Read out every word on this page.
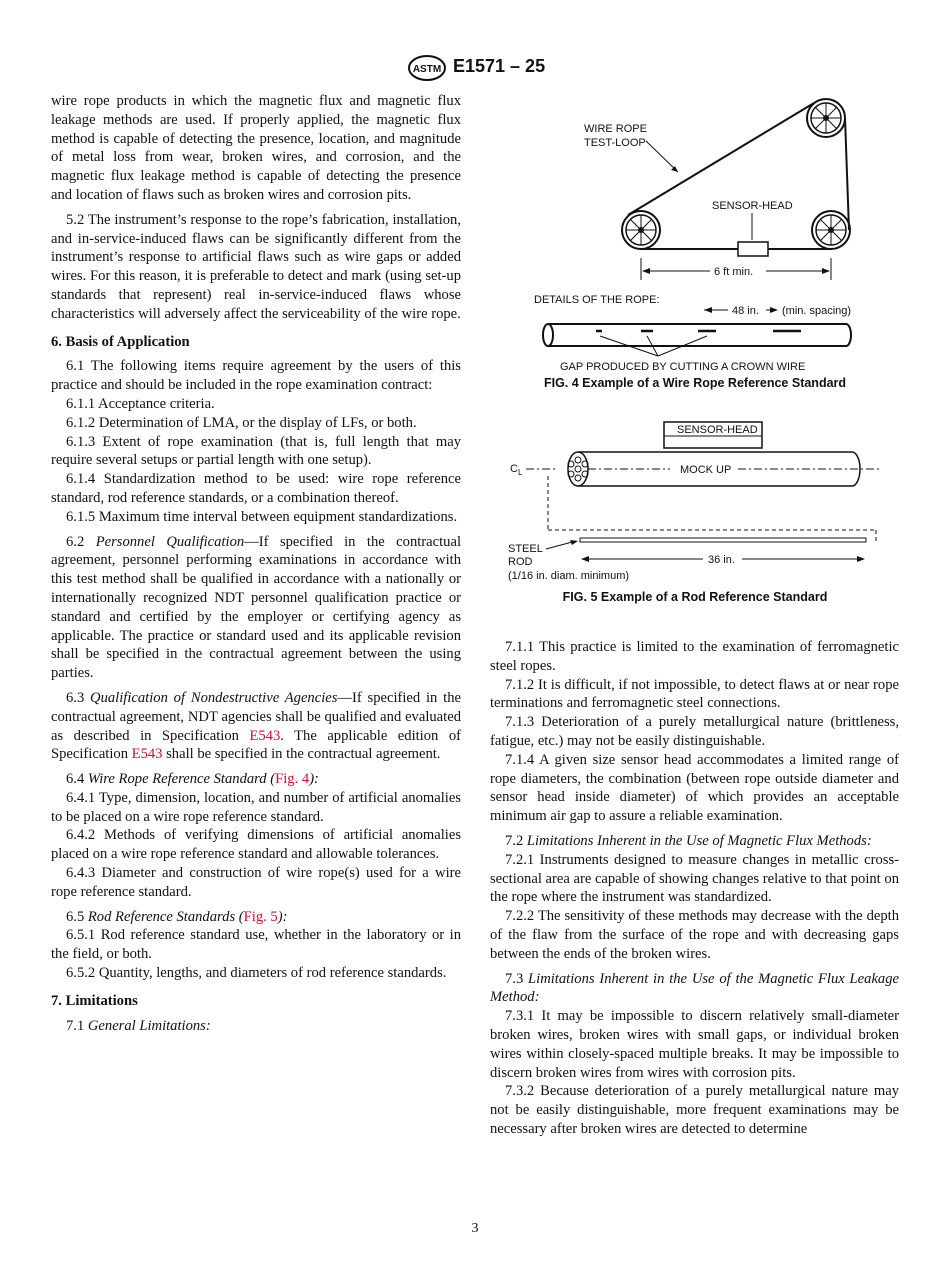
ASTM E1571 – 25

wire rope products in which the magnetic flux and magnetic flux leakage methods are used. If properly applied, the magnetic flux method is capable of detecting the presence, location, and magnitude of metal loss from wear, broken wires, and corrosion, and the magnetic flux leakage method is capable of detecting the presence and location of flaws such as broken wires and corrosion pits.

5.2 The instrument’s response to the rope’s fabrication, installation, and in-service-induced flaws can be significantly different from the instrument’s response to artificial flaws such as wire gaps or added wires. For this reason, it is preferable to detect and mark (using set-up standards that represent) real in-service-induced flaws whose characteristics will adversely affect the serviceability of the wire rope.

6. Basis of Application

6.1 The following items require agreement by the users of this practice and should be included in the rope examination contract:

6.1.1 Acceptance criteria.

6.1.2 Determination of LMA, or the display of LFs, or both.

6.1.3 Extent of rope examination (that is, full length that may require several setups or partial length with one setup).

6.1.4 Standardization method to be used: wire rope reference standard, rod reference standards, or a combination thereof.

6.1.5 Maximum time interval between equipment standardizations.

6.2 Personnel Qualification—If specified in the contractual agreement, personnel performing examinations in accordance with this test method shall be qualified in accordance with a nationally or internationally recognized NDT personnel qualification practice or standard and certified by the employer or certifying agency as applicable. The practice or standard used and its applicable revision shall be specified in the contractual agreement between the using parties.

6.3 Qualification of Nondestructive Agencies—If specified in the contractual agreement, NDT agencies shall be qualified and evaluated as described in Specification E543. The applicable edition of Specification E543 shall be specified in the contractual agreement.

6.4 Wire Rope Reference Standard (Fig. 4):

6.4.1 Type, dimension, location, and number of artificial anomalies to be placed on a wire rope reference standard.

6.4.2 Methods of verifying dimensions of artificial anomalies placed on a wire rope reference standard and allowable tolerances.

6.4.3 Diameter and construction of wire rope(s) used for a wire rope reference standard.

6.5 Rod Reference Standards (Fig. 5):

6.5.1 Rod reference standard use, whether in the laboratory or in the field, or both.

6.5.2 Quantity, lengths, and diameters of rod reference standards.

7. Limitations

7.1 General Limitations:

SENSOR-HEAD
WIRE ROPE
TEST-LOOP
6 ft min.
DETAILS OF THE ROPE:
48 in. (min. spacing)
GAP PRODUCED BY CUTTING A CROWN WIRE
FIG. 4 Example of a Wire Rope Reference Standard
SENSOR-HEAD
$C_L$	MOCK UP
STEEL
ROD
(1/16 in. diam. minimum)
36 in.
FIG. 5 Example of a Rod Reference Standard

7.1.1 This practice is limited to the examination of ferromagnetic steel ropes.

7.1.2 It is difficult, if not impossible, to detect flaws at or near rope terminations and ferromagnetic steel connections.

7.1.3 Deterioration of a purely metallurgical nature (brittleness, fatigue, etc.) may not be easily distinguishable.

7.1.4 A given size sensor head accommodates a limited range of rope diameters, the combination (between rope outside diameter and sensor head inside diameter) of which provides an acceptable minimum air gap to assure a reliable examination.

7.2 Limitations Inherent in the Use of Magnetic Flux Methods:

7.2.1 Instruments designed to measure changes in metallic cross-sectional area are capable of showing changes relative to that point on the rope where the instrument was standardized.

7.2.2 The sensitivity of these methods may decrease with the depth of the flaw from the surface of the rope and with decreasing gaps between the ends of the broken wires.

7.3 Limitations Inherent in the Use of the Magnetic Flux Leakage Method:

7.3.1 It may be impossible to discern relatively small-diameter broken wires, broken wires with small gaps, or individual broken wires within closely-spaced multiple breaks. It may be impossible to discern broken wires from wires with corrosion pits.

7.3.2 Because deterioration of a purely metallurgical nature may not be easily distinguishable, more frequent examinations may be necessary after broken wires are detected to determine

3
